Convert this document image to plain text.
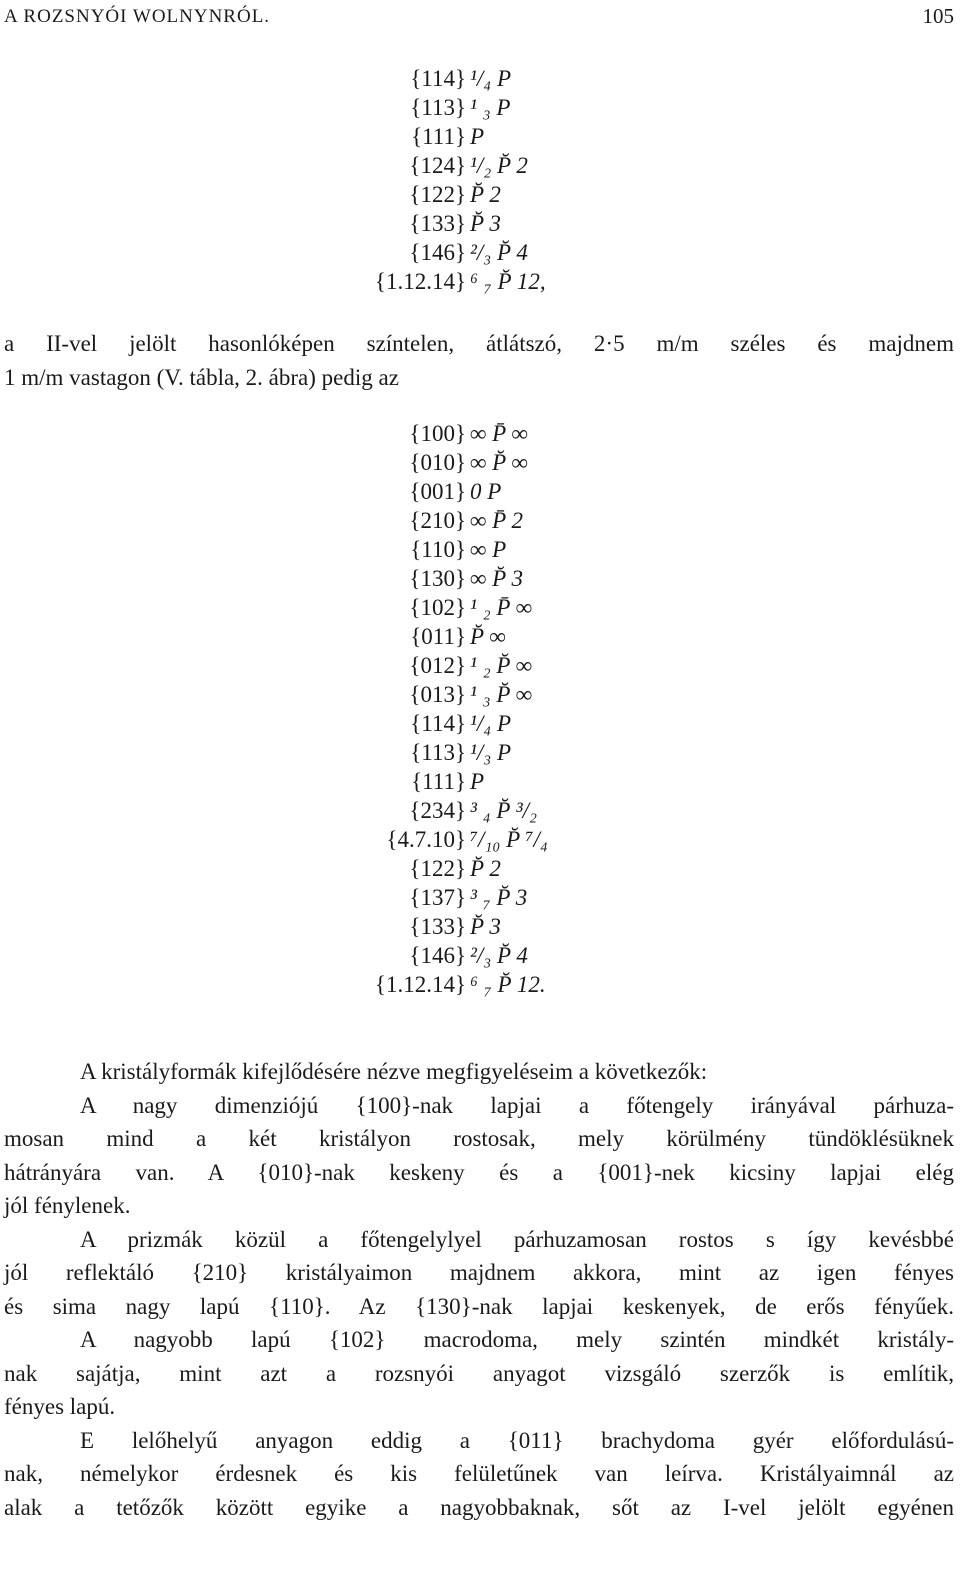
A ROZSNYÓI WOLNYNRÓL.	105
{114}
{113}
{111}
{124}
{122}
{133}
{146}
{1.12.14}
¹/₄ P
¹ ₃ P
P
¹/₂ P̆ 2
P̆ 2
P̆ 3
²/₃ P̆ 4
⁶ ₇ P̆ 12,

a II-vel jelölt hasonlóképen színtelen, átlátszó, 2·5 m/m széles és majdnem

1 m/m vastagon (V. tábla, 2. ábra) pedig az

{100}
{010}
{001}
{210}
{110}
{130}
{102}
{011}
{012}
{013}
{114}
{113}
{111}
{234}
{4.7.10}
{122}
{137}
{133}
{146}
{1.12.14}
∞ P̄ ∞
∞ P̆ ∞
0 P
∞ P̄ 2
∞ P
∞ P̆ 3
¹ ₂ P̄ ∞
P̆ ∞
¹ ₂ P̆ ∞
¹ ₃ P̆ ∞
¹/₄ P
¹/₃ P
P
³ ₄ P̆ ³/₂
⁷/₁₀ P̆ ⁷/₄
P̆ 2
³ ₇ P̆ 3
P̆ 3
²/₃ P̆ 4
⁶ ₇ P̆ 12.

A kristályformák kifejlődésére nézve megfigyeléseim a következők:

A nagy dimenziójú {100}-nak lapjai a főtengely irányával párhuza-

mosan mind a két kristályon rostosak, mely körülmény tündöklésüknek

hátrányára van. A {010}-nak keskeny és a {001}-nek kicsiny lapjai elég

jól fénylenek.

A prizmák közül a főtengelylyel párhuzamosan rostos s így kevésbbé

jól reflektáló {210} kristályaimon majdnem akkora, mint az igen fényes

és sima nagy lapú {110}. Az {130}-nak lapjai keskenyek, de erős fényűek.

A nagyobb lapú {102} macrodoma, mely szintén mindkét kristály-

nak sajátja, mint azt a rozsnyói anyagot vizsgáló szerzők is említik,

fényes lapú.

E lelőhelyű anyagon eddig a {011} brachydoma gyér előfordulású-

nak, némelykor érdesnek és kis felületűnek van leírva. Kristályaimnál az

alak a tetőzők között egyike a nagyobbaknak, sőt az I-vel jelölt egyénen
